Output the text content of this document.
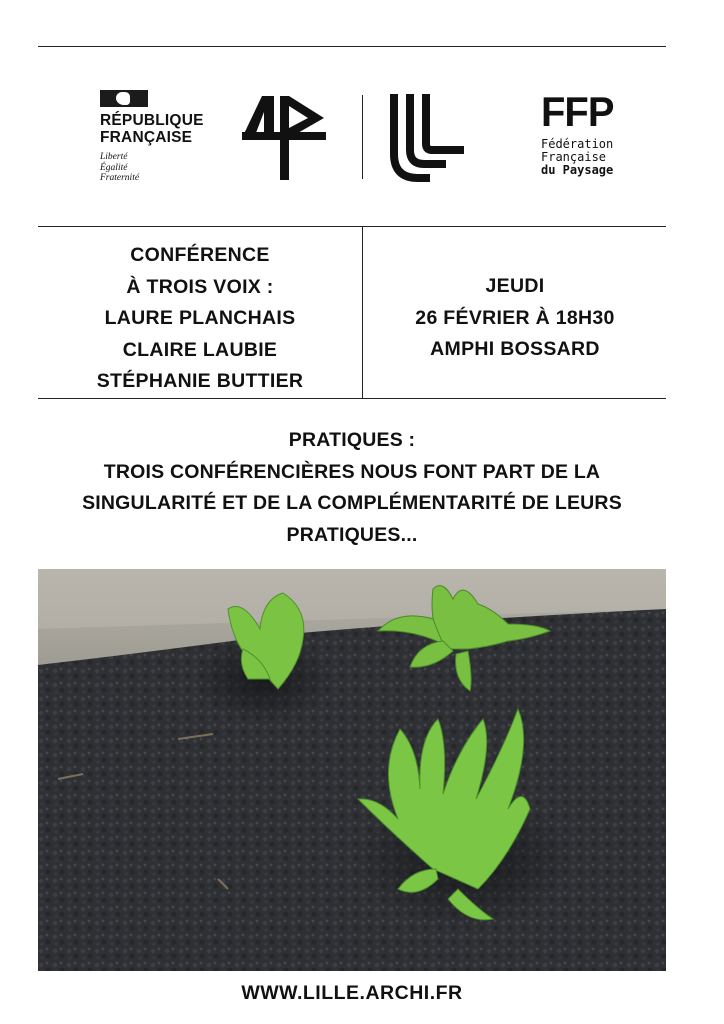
RÉPUBLIQUE
FRANÇAISE
Liberté
Égalité
Fraternité
FFP
Fédération
Française
du Paysage
CONFÉRENCE
À TROIS VOIX :
LAURE PLANCHAIS
CLAIRE LAUBIE
STÉPHANIE BUTTIER
JEUDI
26 FÉVRIER À 18H30
AMPHI BOSSARD
PRATIQUES :
TROIS CONFÉRENCIÈRES NOUS FONT PART DE LA
SINGULARITÉ ET DE LA COMPLÉMENTARITÉ DE LEURS
PRATIQUES...
WWW.LILLE.ARCHI.FR
